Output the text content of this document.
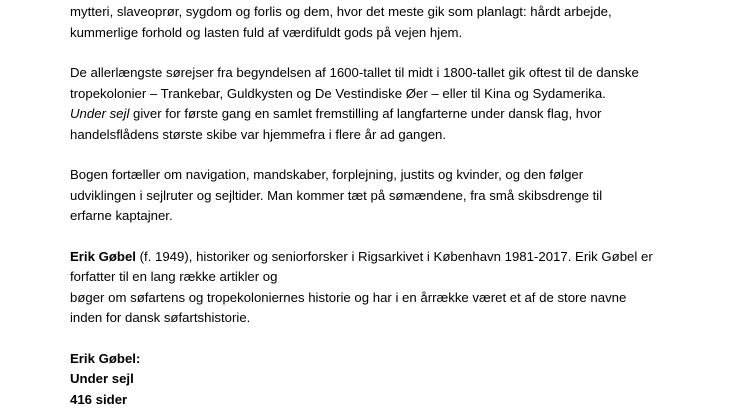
mytteri, slaveoprør, sygdom og forlis og dem, hvor det meste gik som planlagt: hårdt arbejde,
kummerlige forhold og lasten fuld af værdifuldt gods på vejen hjem.

De allerlængste sørejser fra begyndelsen af 1600-tallet til midt i 1800-tallet gik oftest til de danske
tropekolonier – Trankebar, Guldkysten og De Vestindiske Øer – eller til Kina og Sydamerika.
Under sejl giver for første gang en samlet fremstilling af langfarterne under dansk flag, hvor
handelsflådens største skibe var hjemmefra i flere år ad gangen.

Bogen fortæller om navigation, mandskaber, forplejning, justits og kvinder, og den følger
udviklingen i sejlruter og sejltider. Man kommer tæt på sømændene, fra små skibsdrenge til
erfarne kaptajner.

Erik Gøbel (f. 1949), historiker og seniorforsker i Rigsarkivet i København 1981-2017. Erik Gøbel er
forfatter til en lang række artikler og
bøger om søfartens og tropekoloniernes historie og har i en årrække været et af de store navne
inden for dansk søfartshistorie.

Erik Gøbel:
Under sejl
416 sider
